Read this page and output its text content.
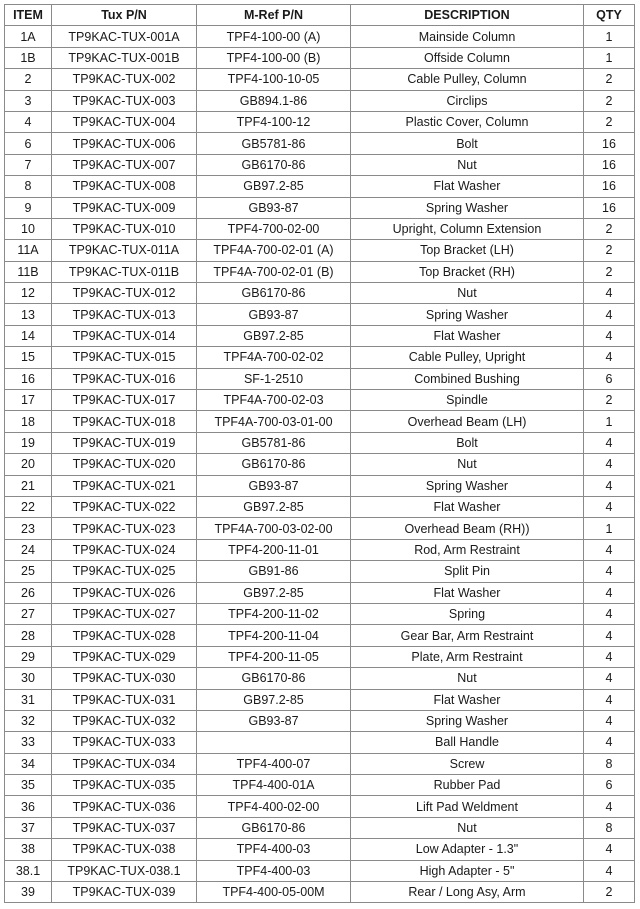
ITEM	Tux P/N	M-Ref P/N	DESCRIPTION	QTY
1A	TP9KAC-TUX-001A	TPF4-100-00 (A)	Mainside Column	1
1B	TP9KAC-TUX-001B	TPF4-100-00 (B)	Offside Column	1
2	TP9KAC-TUX-002	TPF4-100-10-05	Cable Pulley, Column	2
3	TP9KAC-TUX-003	GB894.1-86	Circlips	2
4	TP9KAC-TUX-004	TPF4-100-12	Plastic Cover, Column	2
6	TP9KAC-TUX-006	GB5781-86	Bolt	16
7	TP9KAC-TUX-007	GB6170-86	Nut	16
8	TP9KAC-TUX-008	GB97.2-85	Flat Washer	16
9	TP9KAC-TUX-009	GB93-87	Spring Washer	16
10	TP9KAC-TUX-010	TPF4-700-02-00	Upright, Column Extension	2
11A	TP9KAC-TUX-011A	TPF4A-700-02-01 (A)	Top Bracket (LH)	2
11B	TP9KAC-TUX-011B	TPF4A-700-02-01 (B)	Top Bracket (RH)	2
12	TP9KAC-TUX-012	GB6170-86	Nut	4
13	TP9KAC-TUX-013	GB93-87	Spring Washer	4
14	TP9KAC-TUX-014	GB97.2-85	Flat Washer	4
15	TP9KAC-TUX-015	TPF4A-700-02-02	Cable Pulley, Upright	4
16	TP9KAC-TUX-016	SF-1-2510	Combined Bushing	6
17	TP9KAC-TUX-017	TPF4A-700-02-03	Spindle	2
18	TP9KAC-TUX-018	TPF4A-700-03-01-00	Overhead Beam (LH)	1
19	TP9KAC-TUX-019	GB5781-86	Bolt	4
20	TP9KAC-TUX-020	GB6170-86	Nut	4
21	TP9KAC-TUX-021	GB93-87	Spring Washer	4
22	TP9KAC-TUX-022	GB97.2-85	Flat Washer	4
23	TP9KAC-TUX-023	TPF4A-700-03-02-00	Overhead Beam (RH))	1
24	TP9KAC-TUX-024	TPF4-200-11-01	Rod, Arm Restraint	4
25	TP9KAC-TUX-025	GB91-86	Split Pin	4
26	TP9KAC-TUX-026	GB97.2-85	Flat Washer	4
27	TP9KAC-TUX-027	TPF4-200-11-02	Spring	4
28	TP9KAC-TUX-028	TPF4-200-11-04	Gear Bar, Arm Restraint	4
29	TP9KAC-TUX-029	TPF4-200-11-05	Plate, Arm Restraint	4
30	TP9KAC-TUX-030	GB6170-86	Nut	4
31	TP9KAC-TUX-031	GB97.2-85	Flat Washer	4
32	TP9KAC-TUX-032	GB93-87	Spring Washer	4
33	TP9KAC-TUX-033		Ball Handle	4
34	TP9KAC-TUX-034	TPF4-400-07	Screw	8
35	TP9KAC-TUX-035	TPF4-400-01A	Rubber Pad	6
36	TP9KAC-TUX-036	TPF4-400-02-00	Lift Pad Weldment	4
37	TP9KAC-TUX-037	GB6170-86	Nut	8
38	TP9KAC-TUX-038	TPF4-400-03	Low Adapter - 1.3"	4
38.1	TP9KAC-TUX-038.1	TPF4-400-03	High Adapter - 5"	4
39	TP9KAC-TUX-039	TPF4-400-05-00M	Rear / Long Asy, Arm	2
